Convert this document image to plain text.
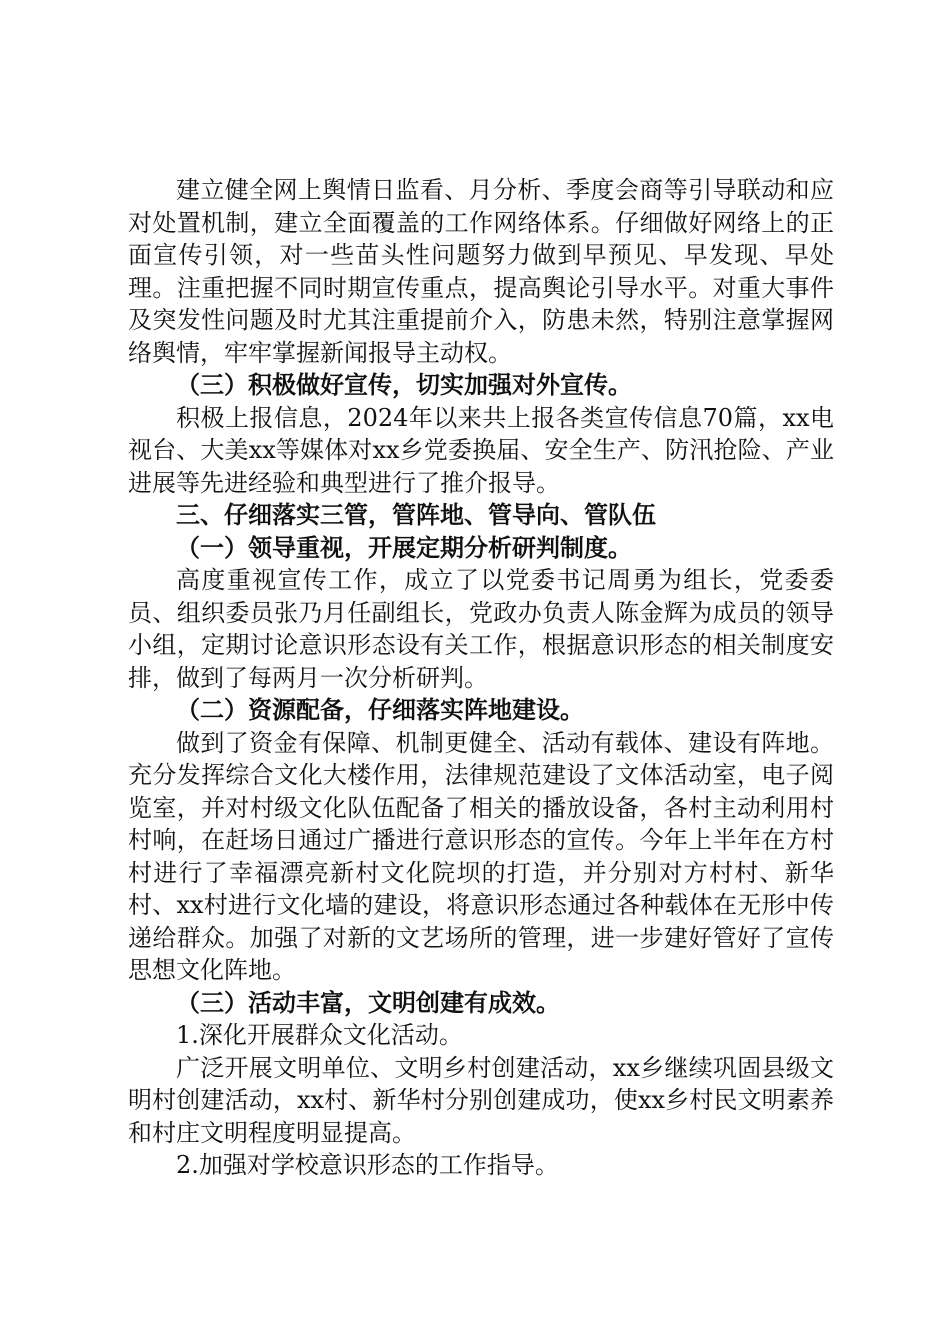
建立健全网上舆情日监看、月分析、季度会商等引导联动和应对处置机制，建立全面覆盖的工作网络体系。仔细做好网络上的正面宣传引领，对一些苗头性问题努力做到早预见、早发现、早处理。注重把握不同时期宣传重点，提高舆论引导水平。对重大事件及突发性问题及时尤其注重提前介入，防患未然，特别注意掌握网络舆情，牢牢掌握新闻报导主动权。

（三）积极做好宣传，切实加强对外宣传。

积极上报信息，2024年以来共上报各类宣传信息70篇，xx电视台、大美xx等媒体对xx乡党委换届、安全生产、防汛抢险、产业进展等先进经验和典型进行了推介报导。

三、仔细落实三管，管阵地、管导向、管队伍

（一）领导重视，开展定期分析研判制度。

高度重视宣传工作，成立了以党委书记周勇为组长，党委委员、组织委员张乃月任副组长，党政办负责人陈金辉为成员的领导小组，定期讨论意识形态设有关工作，根据意识形态的相关制度安排，做到了每两月一次分析研判。

（二）资源配备，仔细落实阵地建设。

做到了资金有保障、机制更健全、活动有载体、建设有阵地。充分发挥综合文化大楼作用，法律规范建设了文体活动室，电子阅览室，并对村级文化队伍配备了相关的播放设备，各村主动利用村村响，在赶场日通过广播进行意识形态的宣传。今年上半年在方村村进行了幸福漂亮新村文化院坝的打造，并分别对方村村、新华村、xx村进行文化墙的建设，将意识形态通过各种载体在无形中传递给群众。加强了对新的文艺场所的管理，进一步建好管好了宣传思想文化阵地。

（三）活动丰富，文明创建有成效。

1.深化开展群众文化活动。

广泛开展文明单位、文明乡村创建活动，xx乡继续巩固县级文明村创建活动，xx村、新华村分别创建成功，使xx乡村民文明素养和村庄文明程度明显提高。

2.加强对学校意识形态的工作指导。
